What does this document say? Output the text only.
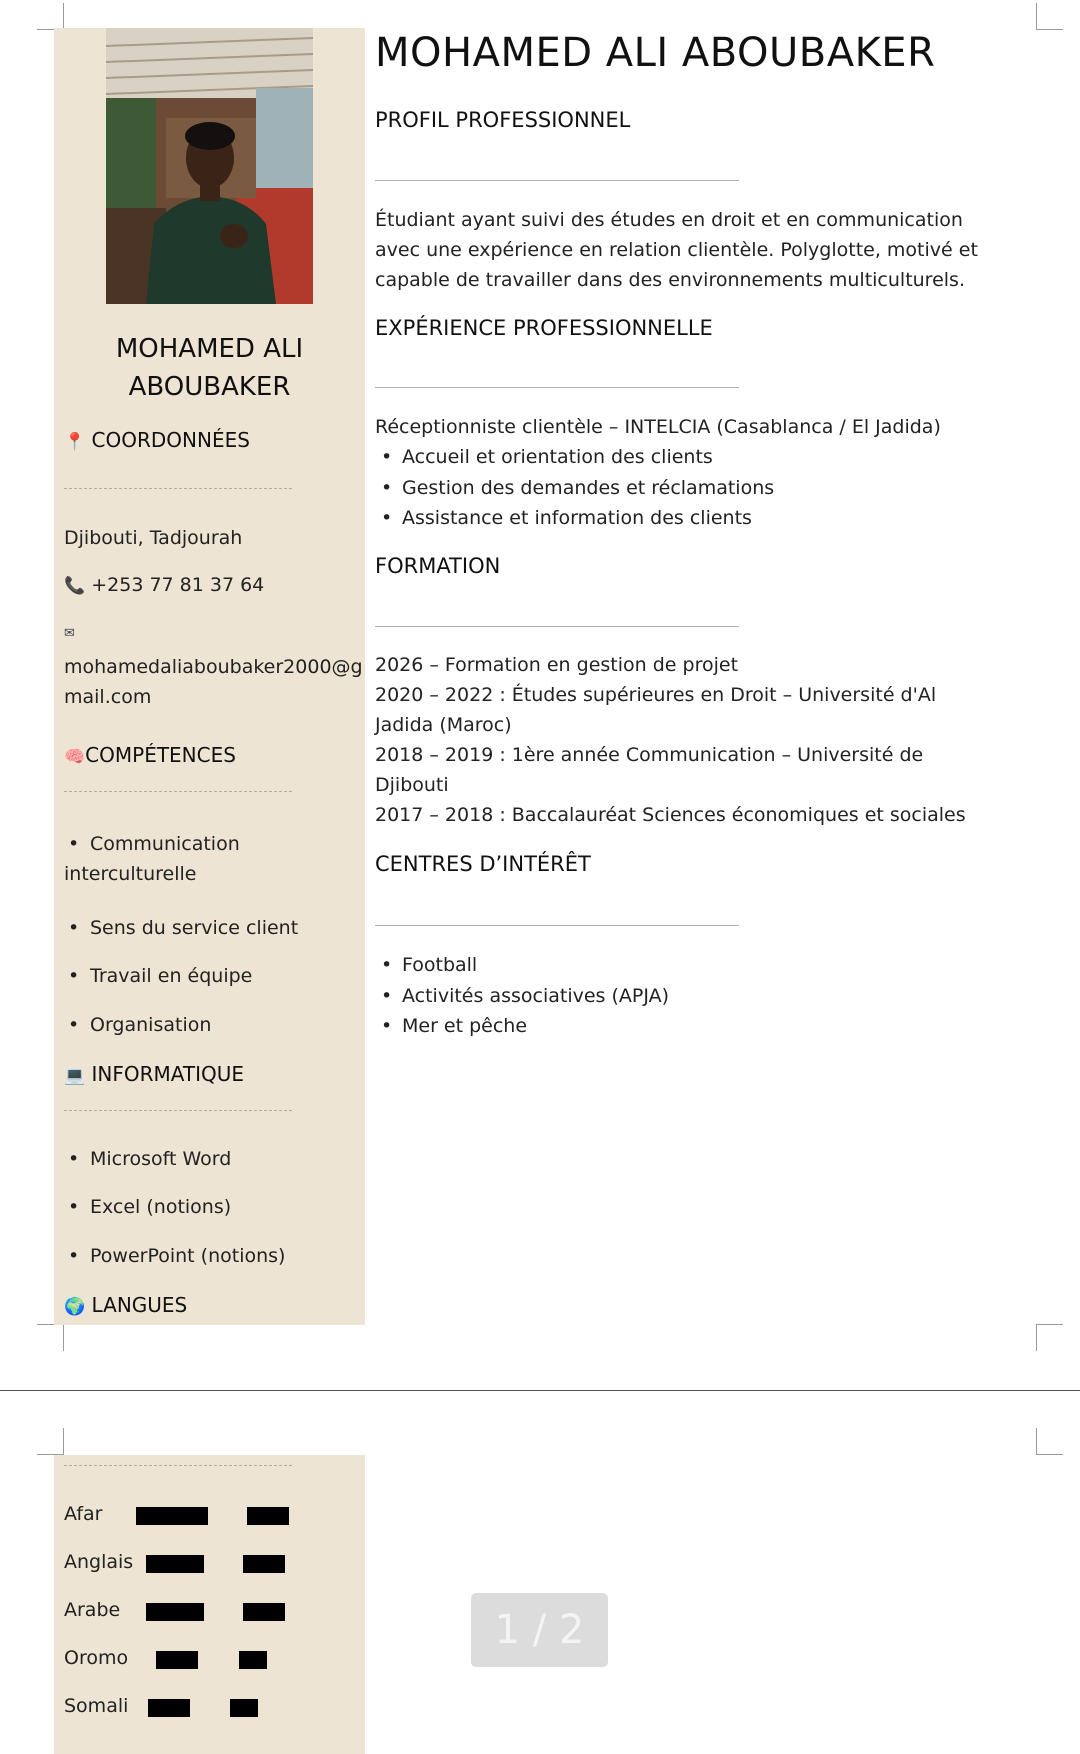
MOHAMED ALI
ABOUBAKER
📍 COORDONNÉES
Djibouti, Tadjourah
📞 +253 77 81 37 64
✉
mohamedaliaboubaker2000@g
mail.com
🧠COMPÉTENCES
• Communication
interculturelle
• Sens du service client
• Travail en équipe
• Organisation
💻 INFORMATIQUE
• Microsoft Word
• Excel (notions)
• PowerPoint (notions)
🌍 LANGUES
MOHAMED ALI ABOUBAKER
PROFIL PROFESSIONNEL
Étudiant ayant suivi des études en droit et en communication
avec une expérience en relation clientèle. Polyglotte, motivé et
capable de travailler dans des environnements multiculturels.
EXPÉRIENCE PROFESSIONNELLE
Réceptionniste clientèle – INTELCIA (Casablanca / El Jadida)
• Accueil et orientation des clients
• Gestion des demandes et réclamations
• Assistance et information des clients
FORMATION
2026 – Formation en gestion de projet
2020 – 2022 : Études supérieures en Droit – Université d'Al
Jadida (Maroc)
2018 – 2019 : 1ère année Communication – Université de
Djibouti
2017 – 2018 : Baccalauréat Sciences économiques et sociales
CENTRES D’INTÉRÊT
• Football
• Activités associatives (APJA)
• Mer et pêche
Afar
Anglais
Arabe
Oromo
Somali
1 / 2
